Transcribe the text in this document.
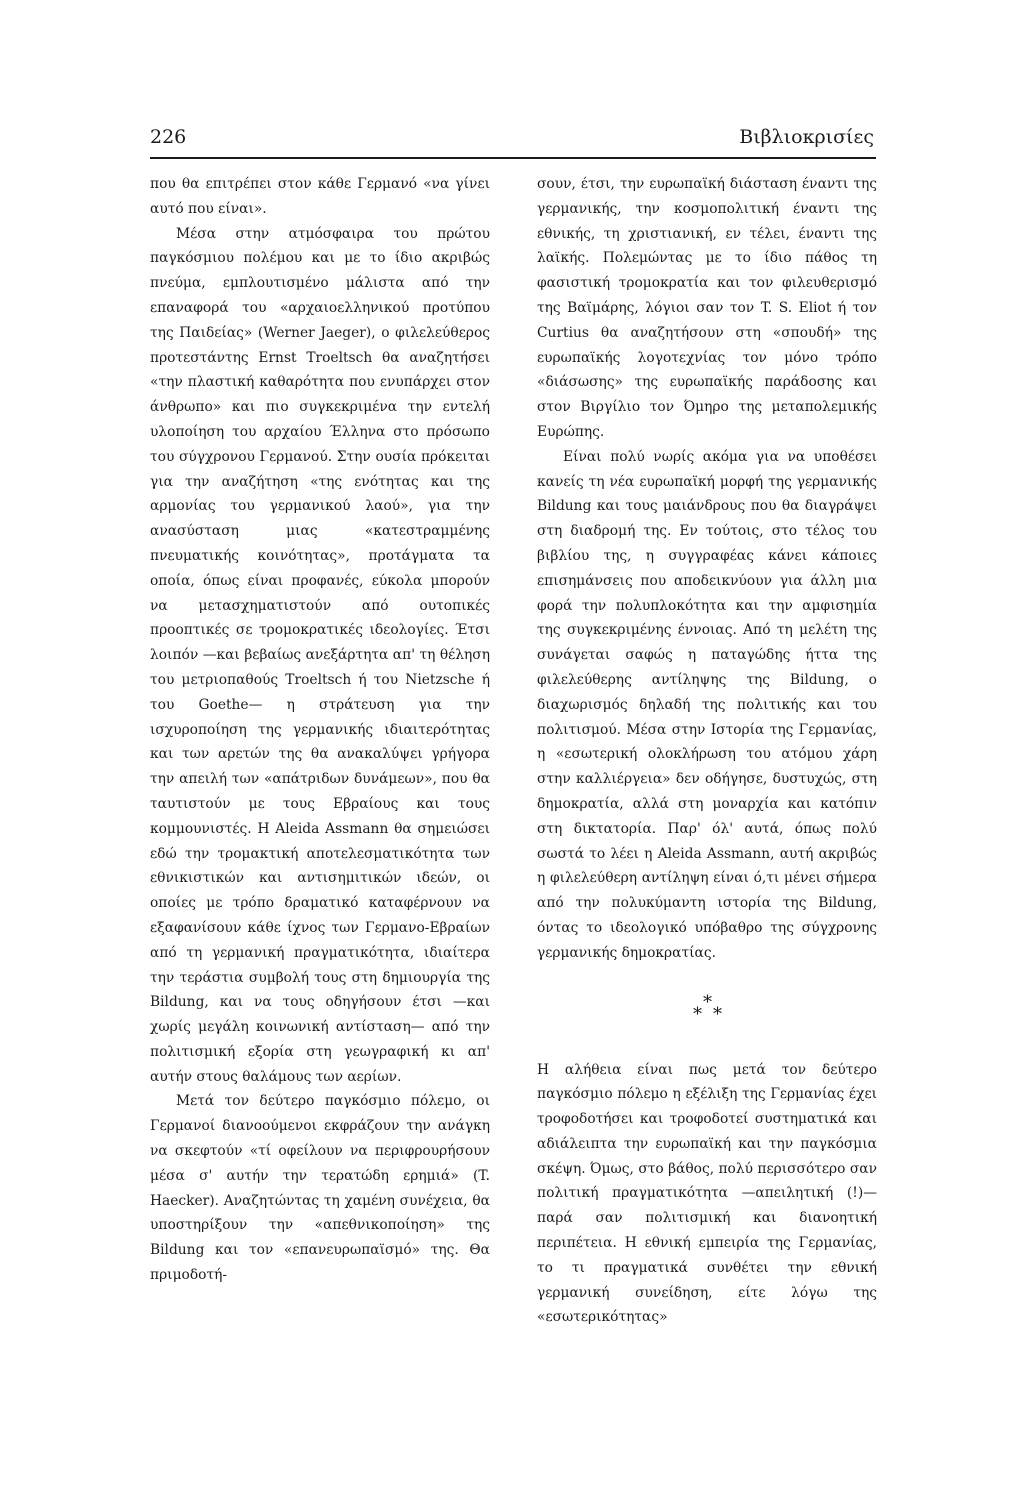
226	Βιβλιοκρισίες

που θα επιτρέπει στον κάθε Γερμανό «να γίνει αυτό που είναι».

Μέσα στην ατμόσφαιρα του πρώτου παγκόσμιου πολέμου και με το ίδιο ακριβώς πνεύμα, εμπλουτισμένο μάλιστα από την επαναφορά του «αρχαιοελληνικού προτύπου της Παιδείας» (Werner Jaeger), ο φιλελεύθερος προτεστάντης Ernst Troeltsch θα αναζητήσει «την πλαστική καθαρότητα που ενυπάρχει στον άνθρωπο» και πιο συγκεκριμένα την εντελή υλοποίηση του αρχαίου Έλληνα στο πρόσωπο του σύγχρονου Γερμανού. Στην ουσία πρόκειται για την αναζήτηση «της ενότητας και της αρμονίας του γερμανικού λαού», για την ανασύσταση μιας «κατεστραμμένης πνευματικής κοινότητας», προτάγματα τα οποία, όπως είναι προφανές, εύκολα μπορούν να μετασχηματιστούν από ουτοπικές προοπτικές σε τρομοκρατικές ιδεολογίες. Έτσι λοιπόν —και βεβαίως ανεξάρτητα απ' τη θέληση του μετριοπαθούς Troeltsch ή του Nietzsche ή του Goethe— η στράτευση για την ισχυροποίηση της γερμανικής ιδιαιτερότητας και των αρετών της θα ανακαλύψει γρήγορα την απειλή των «απάτριδων δυνάμεων», που θα ταυτιστούν με τους Εβραίους και τους κομμουνιστές. Η Aleida Assmann θα σημειώσει εδώ την τρομακτική αποτελεσματικότητα των εθνικιστικών και αντισημιτικών ιδεών, οι οποίες με τρόπο δραματικό καταφέρνουν να εξαφανίσουν κάθε ίχνος των Γερμανο-Εβραίων από τη γερμανική πραγματικότητα, ιδιαίτερα την τεράστια συμβολή τους στη δημιουργία της Bildung, και να τους οδηγήσουν έτσι —και χωρίς μεγάλη κοινωνική αντίσταση— από την πολιτισμική εξορία στη γεωγραφική κι απ' αυτήν στους θαλάμους των αερίων.

Μετά τον δεύτερο παγκόσμιο πόλεμο, οι Γερμανοί διανοούμενοι εκφράζουν την ανάγκη να σκεφτούν «τί οφείλουν να περιφρουρήσουν μέσα σ' αυτήν την τερατώδη ερημιά» (T. Haecker). Αναζητώντας τη χαμένη συνέχεια, θα υποστηρίξουν την «απεθνικοποίηση» της Bildung και τον «επανευρωπαϊσμό» της. Θα πριμοδοτή-

σουν, έτσι, την ευρωπαϊκή διάσταση έναντι της γερμανικής, την κοσμοπολιτική έναντι της εθνικής, τη χριστιανική, εν τέλει, έναντι της λαϊκής. Πολεμώντας με το ίδιο πάθος τη φασιστική τρομοκρατία και τον φιλευθερισμό της Βαϊμάρης, λόγιοι σαν τον T. S. Eliot ή τον Curtius θα αναζητήσουν στη «σπουδή» της ευρωπαϊκής λογοτεχνίας τον μόνο τρόπο «διάσωσης» της ευρωπαϊκής παράδοσης και στον Βιργίλιο τον Όμηρο της μεταπολεμικής Ευρώπης.

Είναι πολύ νωρίς ακόμα για να υποθέσει κανείς τη νέα ευρωπαϊκή μορφή της γερμανικής Bildung και τους μαιάνδρους που θα διαγράψει στη διαδρομή της. Εν τούτοις, στο τέλος του βιβλίου της, η συγγραφέας κάνει κάποιες επισημάνσεις που αποδεικνύουν για άλλη μια φορά την πολυπλοκότητα και την αμφισημία της συγκεκριμένης έννοιας. Από τη μελέτη της συνάγεται σαφώς η παταγώδης ήττα της φιλελεύθερης αντίληψης της Bildung, ο διαχωρισμός δηλαδή της πολιτικής και του πολιτισμού. Μέσα στην Ιστορία της Γερμανίας, η «εσωτερική ολοκλήρωση του ατόμου χάρη στην καλλιέργεια» δεν οδήγησε, δυστυχώς, στη δημοκρατία, αλλά στη μοναρχία και κατόπιν στη δικτατορία. Παρ' όλ' αυτά, όπως πολύ σωστά το λέει η Aleida Assmann, αυτή ακριβώς η φιλελεύθερη αντίληψη είναι ό,τι μένει σήμερα από την πολυκύμαντη ιστορία της Bildung, όντας το ιδεολογικό υπόβαθρο της σύγχρονης γερμανικής δημοκρατίας.

*
* *

Η αλήθεια είναι πως μετά τον δεύτερο παγκόσμιο πόλεμο η εξέλιξη της Γερμανίας έχει τροφοδοτήσει και τροφοδοτεί συστηματικά και αδιάλειπτα την ευρωπαϊκή και την παγκόσμια σκέψη. Όμως, στο βάθος, πολύ περισσότερο σαν πολιτική πραγματικότητα —απειλητική (!)— παρά σαν πολιτισμική και διανοητική περιπέτεια. Η εθνική εμπειρία της Γερμανίας, το τι πραγματικά συνθέτει την εθνική γερμανική συνείδηση, είτε λόγω της «εσωτερικότητας»
